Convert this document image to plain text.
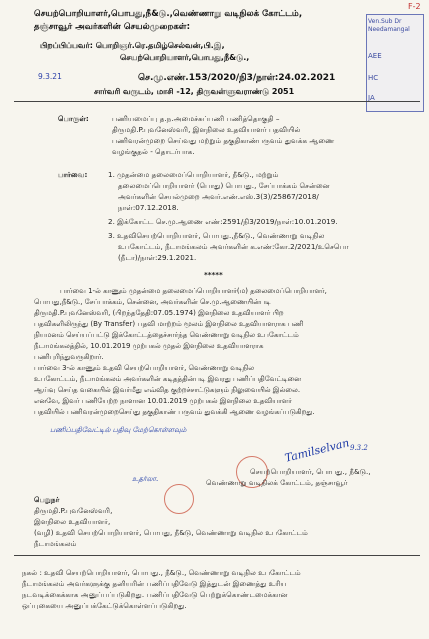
F-2
செயற்பொறியாளர்,பொபது,நீ&டு.,வெண்ணாறு வடிநிலக் கோட்டம்,
தஞ்சாவூர் அவர்களின் செயல்முறைகள்:
பிறப்பிப்பவர்: பொறிஞர்.ரெ.தமிழ்செல்வன்,பி.இ,
செயற்பொறியாளர்,பொபது,நீ&டு.,
9.3.21	செ.மு.எண்.153/2020/நி3/நாள்:24.02.2021
சார்வரி வருடம், மாசி -12, திருவள்ளுவராண்டு 2051
Ven.Sub Dr
Needamangal
AEE
HC
JA
பொருள்:	பணியமைப்பு த.ந.அமைச்சுப்பணி பணித்தொகுதி –
திருமதி.P.புவனேஸ்வரி, இளநிலை உதவியாளர் பதவியில்
பணிவரன்முறை செய்வது மற்றும் தகுதிகாண்பருவம் துவக்க ஆணை
வழங்குதல் - தொடர்பாக.
பார்வை:	1. முதன்மை தலைமைப்பொறியாளர், நீ&டு., மற்றும்
தலைமைப்பொறியாளர் (பொது) பொபது., சேப்பாக்கம் சென்னை
அவர்களின் செயல்முறை அவர்.எண்.எஸ்.3(3)/25867/2018/
நாள்:07.12.2018.
2. இக்கோட்ட செ.மு.ஆணை எண்:2591/நி3/2019/நாள்:10.01.2019.
3. உதவிசெயற்பொறியாளர், பொபது.,நீ&டு., வெண்ணாறு வடிநில
உபகோட்டம், நீடாமங்கலம் அவர்களின் க.எண்:கோ.2/2021/உசெபொ
(நீடா)/நாள்:29.1.2021.
*****
பார்வை 1-ல் காணும் முதன்மை தலைமைப்பொறியாளர்(ம) தலைமைப்பொறியாளர்,
பொபது,நீ&டு., சேப்பாக்கம், சென்னை, அவர்களின் செ.மு.ஆணையின்படி
திருமதி.P.புவனேஸ்வரி, (பிறந்ததேதி:07.05.1974) இளநிலை உதவியாளர் பிற
பதவிகளிலிருந்து (By Transfer) பதவி மாற்றம் மூலம் இளநிலை உதவியாளராக பணி
நியமனம் செய்யப்பட்டு இக்கோட்டத்தைச்சார்ந்த வெண்ணாறு வடிநில உபகோட்டம்
நீடாமங்கலத்தில், 10.01.2019 முற்பகல் முதல் இளநிலை உதவியாளராக
பணிபுரிந்துவருகிறார்.
பார்வை 3-ல் காணும் உதவி செயற்பொறியாளர், வெண்ணாறு வடிநில
உபகோட்டம், நீடாமங்கலம் அவர்களின் கடிதத்தின்படி இவரது பணிப்பதிவேட்டினை
ஆய்வு செய்த வகையில் இவர்மீது எவ்வித குற்றச்சாட்டுகளும் நிலுவையில் இல்லை.
எனவே, இவர் பணியேற்ற நாளான 10.01.2019 முற்பகல் இளநிலை உதவியாளர்
பதவியில் பணிவரன்முறைசெய்து தகுதிகாண் பருவம் துவக்கி ஆணை வழங்கப்படுகிறது.
பணிப்பதிவேட்டில் பதிவு மேற்கொள்ளவும்
உதர்லா.
Tamilselvan 9.3.2
செயற்பொறியாளர், பொபது., நீ&டு.,
வெண்ணாறு வடிநிலக் கோட்டம், தஞ்சாவூர்
பெறுநர்
திருமதி.P.புவனேஸ்வரி,
இளநிலை உதவியாளர்,
(வழி) உதவி செயற்பொறியாளர், பொபது, நீ&டு, வெண்ணாறு வடிநில உபகோட்டம்
நீடாமங்கலம்
நகல் : உதவி செயற்பொறியாளர், பொபது., நீ&டு., வெண்ணாறு வடிநில உபகோட்டம்
நீடாமங்கலம் அவர்களுக்கு தனியரின் பணிப்பதிவேடு இத்துடன் இணைத்து உரிய
நடவடிக்கைக்காக அனுப்பப்படுகிறது. பணிப்பதிவேடு பெற்றுக்கொண்டமைக்கான
ஒப்புகையை அனுப்பக்கேட்டுக்கொள்ளப்படுகிறது.
